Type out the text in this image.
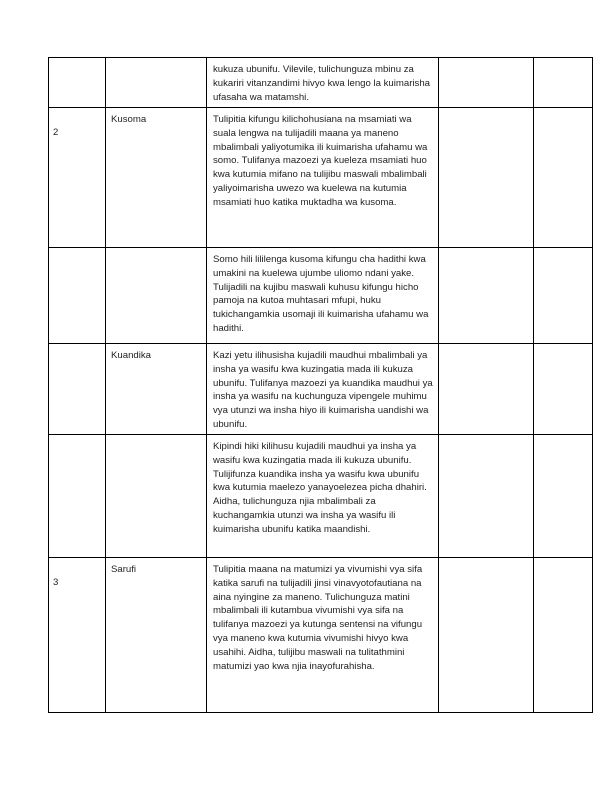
		kukuza ubunifu. Vilevile, tulichunguza mbinu za kukariri vitanzandimi hivyo kwa lengo la kuimarisha ufasaha wa matamshi.		
2	Kusoma	Tulipitia kifungu kilichohusiana na msamiati wa suala lengwa na tulijadili maana ya maneno mbalimbali yaliyotumika ili kuimarisha ufahamu wa somo. Tulifanya mazoezi ya kueleza msamiati huo kwa kutumia mifano na tulijibu maswali mbalimbali yaliyoimarisha uwezo wa kuelewa na kutumia msamiati huo katika muktadha wa kusoma.		
		Somo hili lililenga kusoma kifungu cha hadithi kwa umakini na kuelewa ujumbe uliomo ndani yake. Tulijadili na kujibu maswali kuhusu kifungu hicho pamoja na kutoa muhtasari mfupi, huku tukichangamkia usomaji ili kuimarisha ufahamu wa hadithi.		
	Kuandika	Kazi yetu ilihusisha kujadili maudhui mbalimbali ya insha ya wasifu kwa kuzingatia mada ili kukuza ubunifu. Tulifanya mazoezi ya kuandika maudhui ya insha ya wasifu na kuchunguza vipengele muhimu vya utunzi wa insha hiyo ili kuimarisha uandishi wa ubunifu.		
		Kipindi hiki kilihusu kujadili maudhui ya insha ya wasifu kwa kuzingatia mada ili kukuza ubunifu. Tulijifunza kuandika insha ya wasifu kwa ubunifu kwa kutumia maelezo yanayoelezea picha dhahiri. Aidha, tulichunguza njia mbalimbali za kuchangamkia utunzi wa insha ya wasifu ili kuimarisha ubunifu katika maandishi.		
3	Sarufi	Tulipitia maana na matumizi ya vivumishi vya sifa katika sarufi na tulijadili jinsi vinavyotofautiana na aina nyingine za maneno. Tulichunguza matini mbalimbali ili kutambua vivumishi vya sifa na tulifanya mazoezi ya kutunga sentensi na vifungu vya maneno kwa kutumia vivumishi hivyo kwa usahihi. Aidha, tulijibu maswali na tulitathmini matumizi yao kwa njia inayofurahisha.		
